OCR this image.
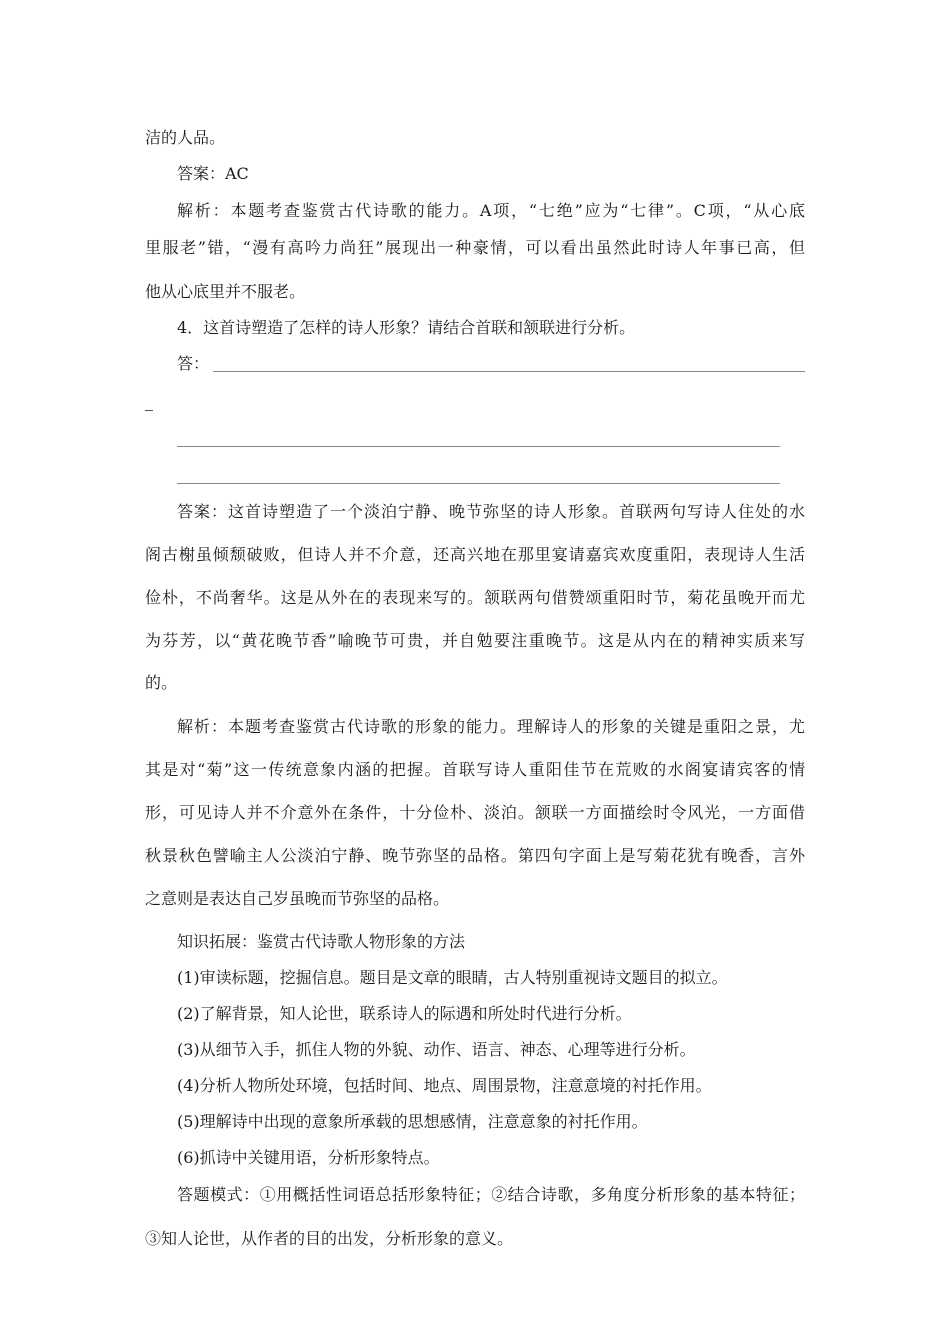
洁的人品。
答案：AC
解析：本题考查鉴赏古代诗歌的能力。A项，“七绝”应为“七律”。C项，“从心底
里服老”错，“漫有高吟力尚狂”展现出一种豪情，可以看出虽然此时诗人年事已高，但
他从心底里并不服老。
4．这首诗塑造了怎样的诗人形象？请结合首联和颔联进行分析。
答：
答案：这首诗塑造了一个淡泊宁静、晚节弥坚的诗人形象。首联两句写诗人住处的水
阁古榭虽倾颓破败，但诗人并不介意，还高兴地在那里宴请嘉宾欢度重阳，表现诗人生活
俭朴，不尚奢华。这是从外在的表现来写的。颔联两句借赞颂重阳时节，菊花虽晚开而尤
为芬芳，以“黄花晚节香”喻晚节可贵，并自勉要注重晚节。这是从内在的精神实质来写
的。
解析：本题考查鉴赏古代诗歌的形象的能力。理解诗人的形象的关键是重阳之景，尤
其是对“菊”这一传统意象内涵的把握。首联写诗人重阳佳节在荒败的水阁宴请宾客的情
形，可见诗人并不介意外在条件，十分俭朴、淡泊。颔联一方面描绘时令风光，一方面借
秋景秋色譬喻主人公淡泊宁静、晚节弥坚的品格。第四句字面上是写菊花犹有晚香，言外
之意则是表达自己岁虽晚而节弥坚的品格。
知识拓展：鉴赏古代诗歌人物形象的方法
(1)审读标题，挖掘信息。题目是文章的眼睛，古人特别重视诗文题目的拟立。
(2)了解背景，知人论世，联系诗人的际遇和所处时代进行分析。
(3)从细节入手，抓住人物的外貌、动作、语言、神态、心理等进行分析。
(4)分析人物所处环境，包括时间、地点、周围景物，注意意境的衬托作用。
(5)理解诗中出现的意象所承载的思想感情，注意意象的衬托作用。
(6)抓诗中关键用语，分析形象特点。
答题模式：①用概括性词语总括形象特征；②结合诗歌，多角度分析形象的基本特征；
③知人论世，从作者的目的出发，分析形象的意义。
